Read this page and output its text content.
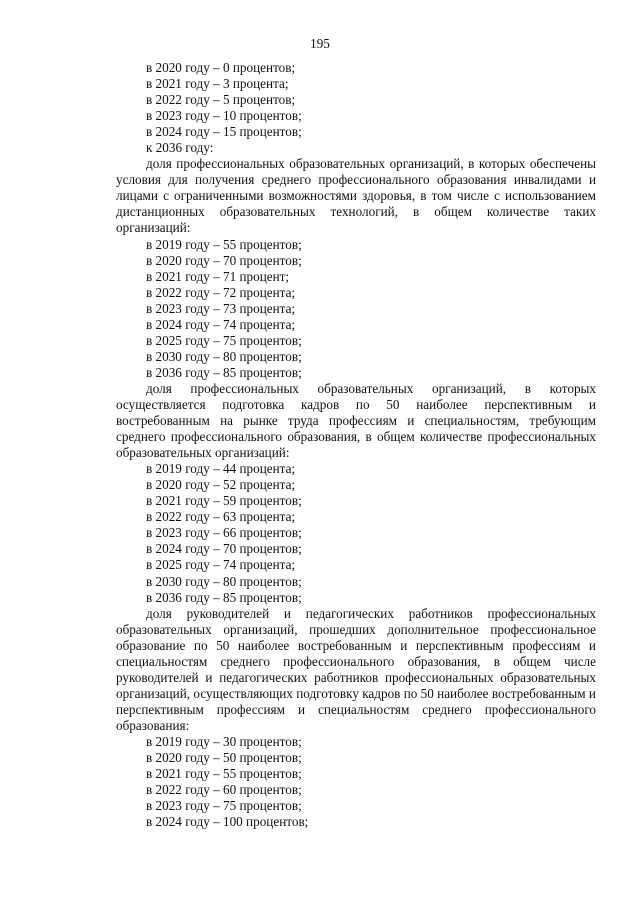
195
в 2020 году – 0 процентов;
в 2021 году – 3 процента;
в 2022 году – 5 процентов;
в 2023 году – 10 процентов;
в 2024 году – 15 процентов;
к 2036 году:

доля профессиональных образовательных организаций, в которых обеспечены условия для получения среднего профессионального образования инвалидами и лицами с ограниченными возможностями здоровья, в том числе с использованием дистанционных образовательных технологий, в общем количестве таких организаций:

в 2019 году – 55 процентов;
в 2020 году – 70 процентов;
в 2021 году – 71 процент;
в 2022 году – 72 процента;
в 2023 году – 73 процента;
в 2024 году – 74 процента;
в 2025 году – 75 процентов;
в 2030 году – 80 процентов;
в 2036 году – 85 процентов;

доля профессиональных образовательных организаций, в которых осуществляется подготовка кадров по 50 наиболее перспективным и востребованным на рынке труда профессиям и специальностям, требующим среднего профессионального образования, в общем количестве профессиональных образовательных организаций:

в 2019 году – 44 процента;
в 2020 году – 52 процента;
в 2021 году – 59 процентов;
в 2022 году – 63 процента;
в 2023 году – 66 процентов;
в 2024 году – 70 процентов;
в 2025 году – 74 процента;
в 2030 году – 80 процентов;
в 2036 году – 85 процентов;

доля руководителей и педагогических работников профессиональных образовательных организаций, прошедших дополнительное профессиональное образование по 50 наиболее востребованным и перспективным профессиям и специальностям среднего профессионального образования, в общем числе руководителей и педагогических работников профессиональных образовательных организаций, осуществляющих подготовку кадров по 50 наиболее востребованным и перспективным профессиям и специальностям среднего профессионального образования:

в 2019 году – 30 процентов;
в 2020 году – 50 процентов;
в 2021 году – 55 процентов;
в 2022 году – 60 процентов;
в 2023 году – 75 процентов;
в 2024 году – 100 процентов;
